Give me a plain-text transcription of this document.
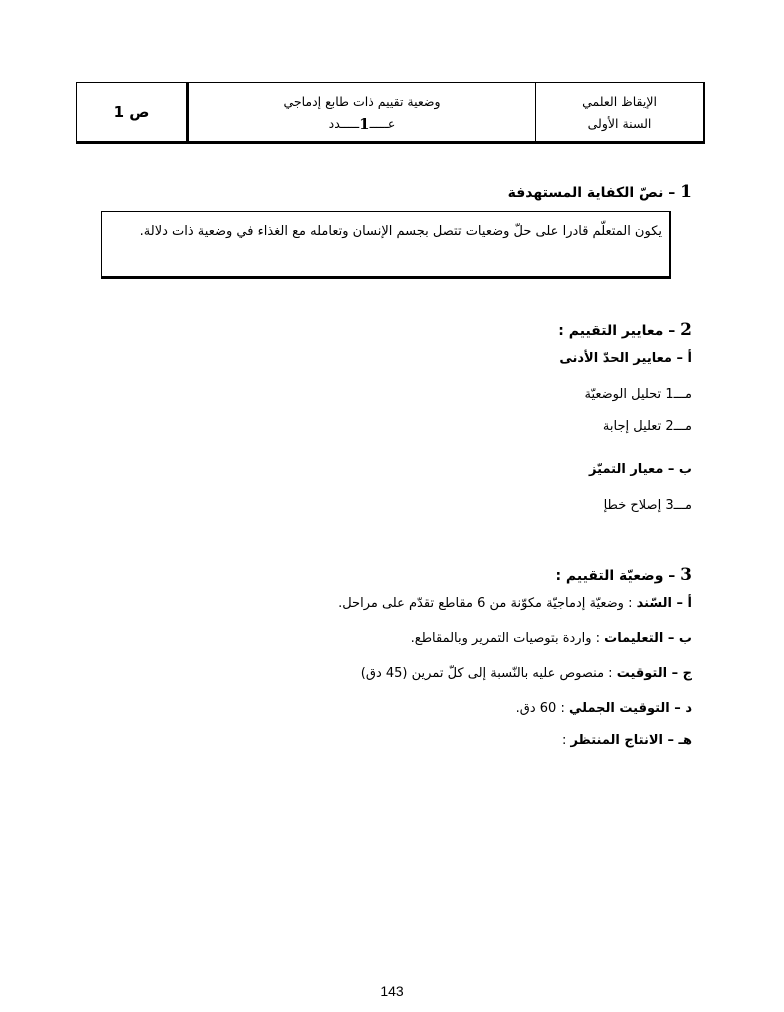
ص 1
وضعية تقييم ذات طابع إدماجي
ـــــدد 1 عـــــ
الإيقاظ العلمي
السنة الأولى
1 – نصّ الكفاية المستهدفة
يكون المتعلّم قادرا على حلّ وضعيات تتصل بجسم الإنسان وتعامله مع الغذاء في وضعية ذات دلالة.
2 – معايير التقييم :
أ – معايير الحدّ الأدنى
مـــ1 تحليل الوضعيّة
مـــ2 تعليل إجابة
ب – معيار التميّز
مـــ3 إصلاح خطإ
3 – وضعيّة التقييم :
أ – السّند : وضعيّة إدماجيّة مكوّنة من 6 مقاطع تقدّم على مراحل.
ب – التعليمات : واردة بتوصيات التمرير وبالمقاطع.
ج – التوقيت : منصوص عليه بالنّسبة إلى كلّ تمرين (45 دق)
د – التوقيت الجملي : 60 دق.
هـ – الانتاج المنتظر :
143
